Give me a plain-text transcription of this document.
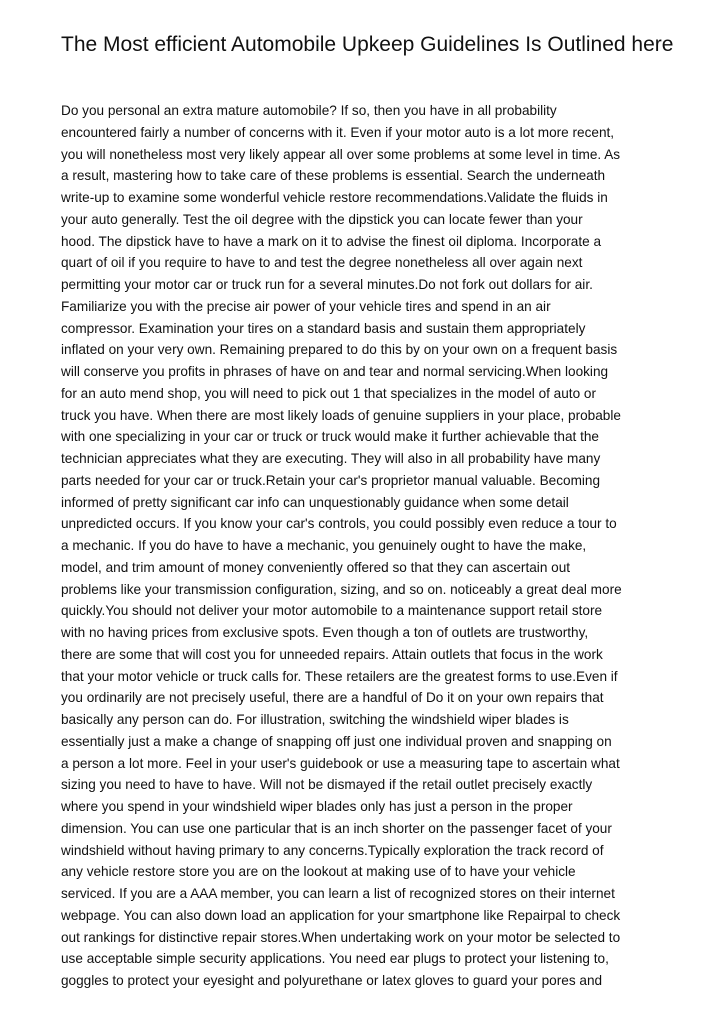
The Most efficient Automobile Upkeep Guidelines Is Outlined here
Do you personal an extra mature automobile? If so, then you have in all probability
encountered fairly a number of concerns with it. Even if your motor auto is a lot more recent,
you will nonetheless most very likely appear all over some problems at some level in time. As
a result, mastering how to take care of these problems is essential. Search the underneath
write-up to examine some wonderful vehicle restore recommendations.Validate the fluids in
your auto generally. Test the oil degree with the dipstick you can locate fewer than your
hood. The dipstick have to have a mark on it to advise the finest oil diploma. Incorporate a
quart of oil if you require to have to and test the degree nonetheless all over again next
permitting your motor car or truck run for a several minutes.Do not fork out dollars for air.
Familiarize you with the precise air power of your vehicle tires and spend in an air
compressor. Examination your tires on a standard basis and sustain them appropriately
inflated on your very own. Remaining prepared to do this by on your own on a frequent basis
will conserve you profits in phrases of have on and tear and normal servicing.When looking
for an auto mend shop, you will need to pick out 1 that specializes in the model of auto or
truck you have. When there are most likely loads of genuine suppliers in your place, probable
with one specializing in your car or truck or truck would make it further achievable that the
technician appreciates what they are executing. They will also in all probability have many
parts needed for your car or truck.Retain your car's proprietor manual valuable. Becoming
informed of pretty significant car info can unquestionably guidance when some detail
unpredicted occurs. If you know your car's controls, you could possibly even reduce a tour to
a mechanic. If you do have to have a mechanic, you genuinely ought to have the make,
model, and trim amount of money conveniently offered so that they can ascertain out
problems like your transmission configuration, sizing, and so on. noticeably a great deal more
quickly.You should not deliver your motor automobile to a maintenance support retail store
with no having prices from exclusive spots. Even though a ton of outlets are trustworthy,
there are some that will cost you for unneeded repairs. Attain outlets that focus in the work
that your motor vehicle or truck calls for. These retailers are the greatest forms to use.Even if
you ordinarily are not precisely useful, there are a handful of Do it on your own repairs that
basically any person can do. For illustration, switching the windshield wiper blades is
essentially just a make a change of snapping off just one individual proven and snapping on
a person a lot more. Feel in your user's guidebook or use a measuring tape to ascertain what
sizing you need to have to have. Will not be dismayed if the retail outlet precisely exactly
where you spend in your windshield wiper blades only has just a person in the proper
dimension. You can use one particular that is an inch shorter on the passenger facet of your
windshield without having primary to any concerns.Typically exploration the track record of
any vehicle restore store you are on the lookout at making use of to have your vehicle
serviced. If you are a AAA member, you can learn a list of recognized stores on their internet
webpage. You can also down load an application for your smartphone like Repairpal to check
out rankings for distinctive repair stores.When undertaking work on your motor be selected to
use acceptable simple security applications. You need ear plugs to protect your listening to,
goggles to protect your eyesight and polyurethane or latex gloves to guard your pores and
